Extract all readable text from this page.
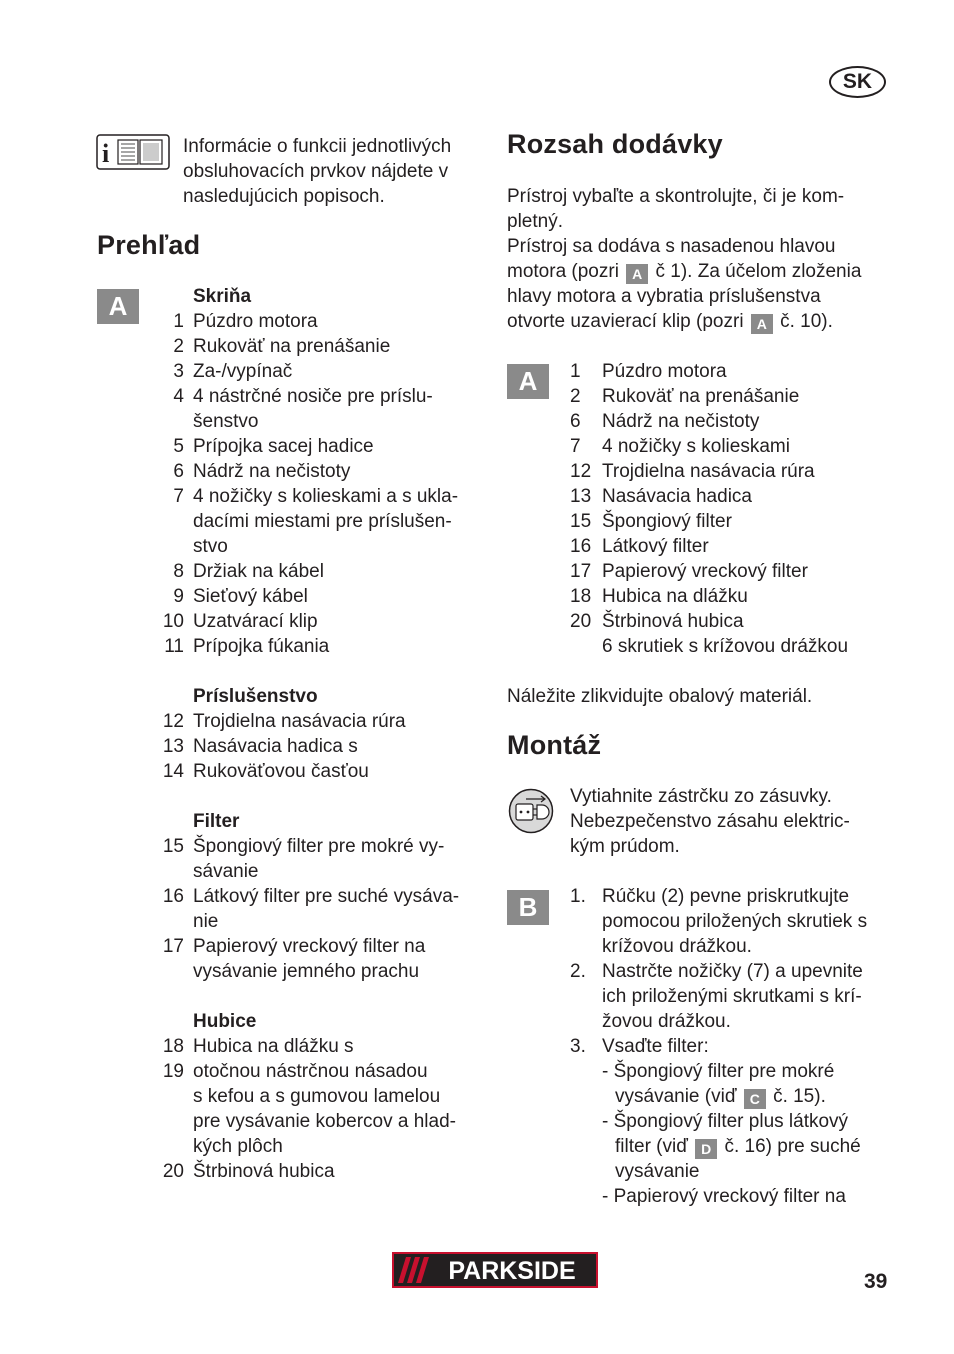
SK
i	Informácie o funkcii jednotlivých
obsluhovacích prvkov nájdete v
nasledujúcich popisoch.
Prehľad
A	Skriňa
1 Púzdro motora
2 Rukoväť na prenášanie
3 Za-/vypínač
4 4 nástrčné nosiče pre príslu-
šenstvo
5 Prípojka sacej hadice
6 Nádrž na nečistoty
7 4 nožičky s kolieskami a s ukla-
dacími miestami pre príslušen-
stvo
8 Držiak na kábel
9 Sieťový kábel
10 Uzatvárací klip
11 Prípojka fúkania
Príslušenstvo
12 Trojdielna nasávacia rúra
13 Nasávacia hadica s
14 Rukoväťovou časťou
Filter
15 Špongiový filter pre mokré vy-
sávanie
16 Látkový filter pre suché vysáva-
nie
17 Papierový vreckový filter na
vysávanie jemného prachu
Hubice
18 Hubica na dlážku s
19 otočnou nástrčnou násadou
s kefou a s gumovou lamelou
pre vysávanie kobercov a hlad-
kých plôch
20 Štrbinová hubica
Rozsah dodávky
Prístroj vybaľte a skontrolujte, či je kom-
pletný.
Prístroj sa dodáva s nasadenou hlavou
motora (pozri A č 1). Za účelom zloženia
hlavy motora a vybratia príslušenstva
otvorte uzavierací klip (pozri A č. 10).
A	1 Púzdro motora
2 Rukoväť na prenášanie
6 Nádrž na nečistoty
7 4 nožičky s kolieskami
12 Trojdielna nasávacia rúra
13 Nasávacia hadica
15 Špongiový filter
16 Látkový filter
17 Papierový vreckový filter
18 Hubica na dlážku
20 Štrbinová hubica
6 skrutiek s krížovou drážkou
Náležite zlikvidujte obalový materiál.
Montáž
Vytiahnite zástrčku zo zásuvky.
Nebezpečenstvo zásahu elektric-
kým prúdom.
B	1. Rúčku (2) pevne priskrutkujte
pomocou priložených skrutiek s
krížovou drážkou.
2. Nastrčte nožičky (7) a upevnite
ich priloženými skrutkami s krí-
žovou drážkou.
3. Vsaďte filter:
- Špongiový filter pre mokré
vysávanie (viď C č. 15).
- Špongiový filter plus látkový
filter (viď D č. 16) pre suché
vysávanie
- Papierový vreckový filter na
PARKSIDE	39
